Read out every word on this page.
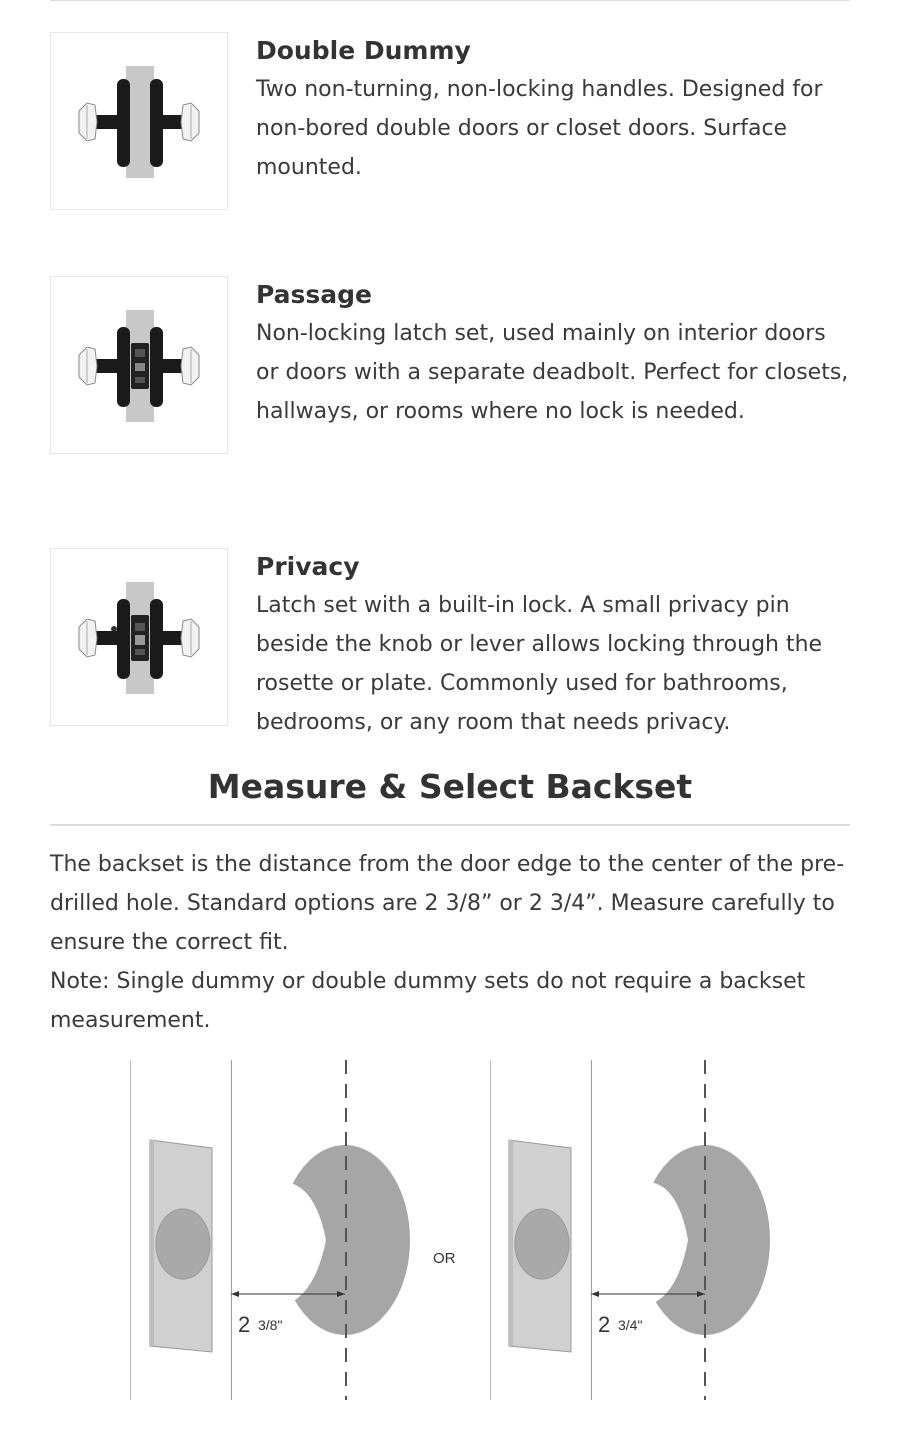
Double Dummy

Two non-turning, non-locking handles. Designed for non-bored double doors or closet doors. Surface mounted.

Passage

Non-locking latch set, used mainly on interior doors or doors with a separate deadbolt. Perfect for closets, hallways, or rooms where no lock is needed.

Privacy

Latch set with a built-in lock. A small privacy pin beside the knob or lever allows locking through the rosette or plate. Commonly used for bathrooms, bedrooms, or any room that needs privacy.

Measure & Select Backset

The backset is the distance from the door edge to the center of the pre-drilled hole. Standard options are 2 3/8” or 2 3/4”. Measure carefully to ensure the correct fit.

Note: Single dummy or double dummy sets do not require a backset measurement.

2 3/8"
OR
2 3/4"
